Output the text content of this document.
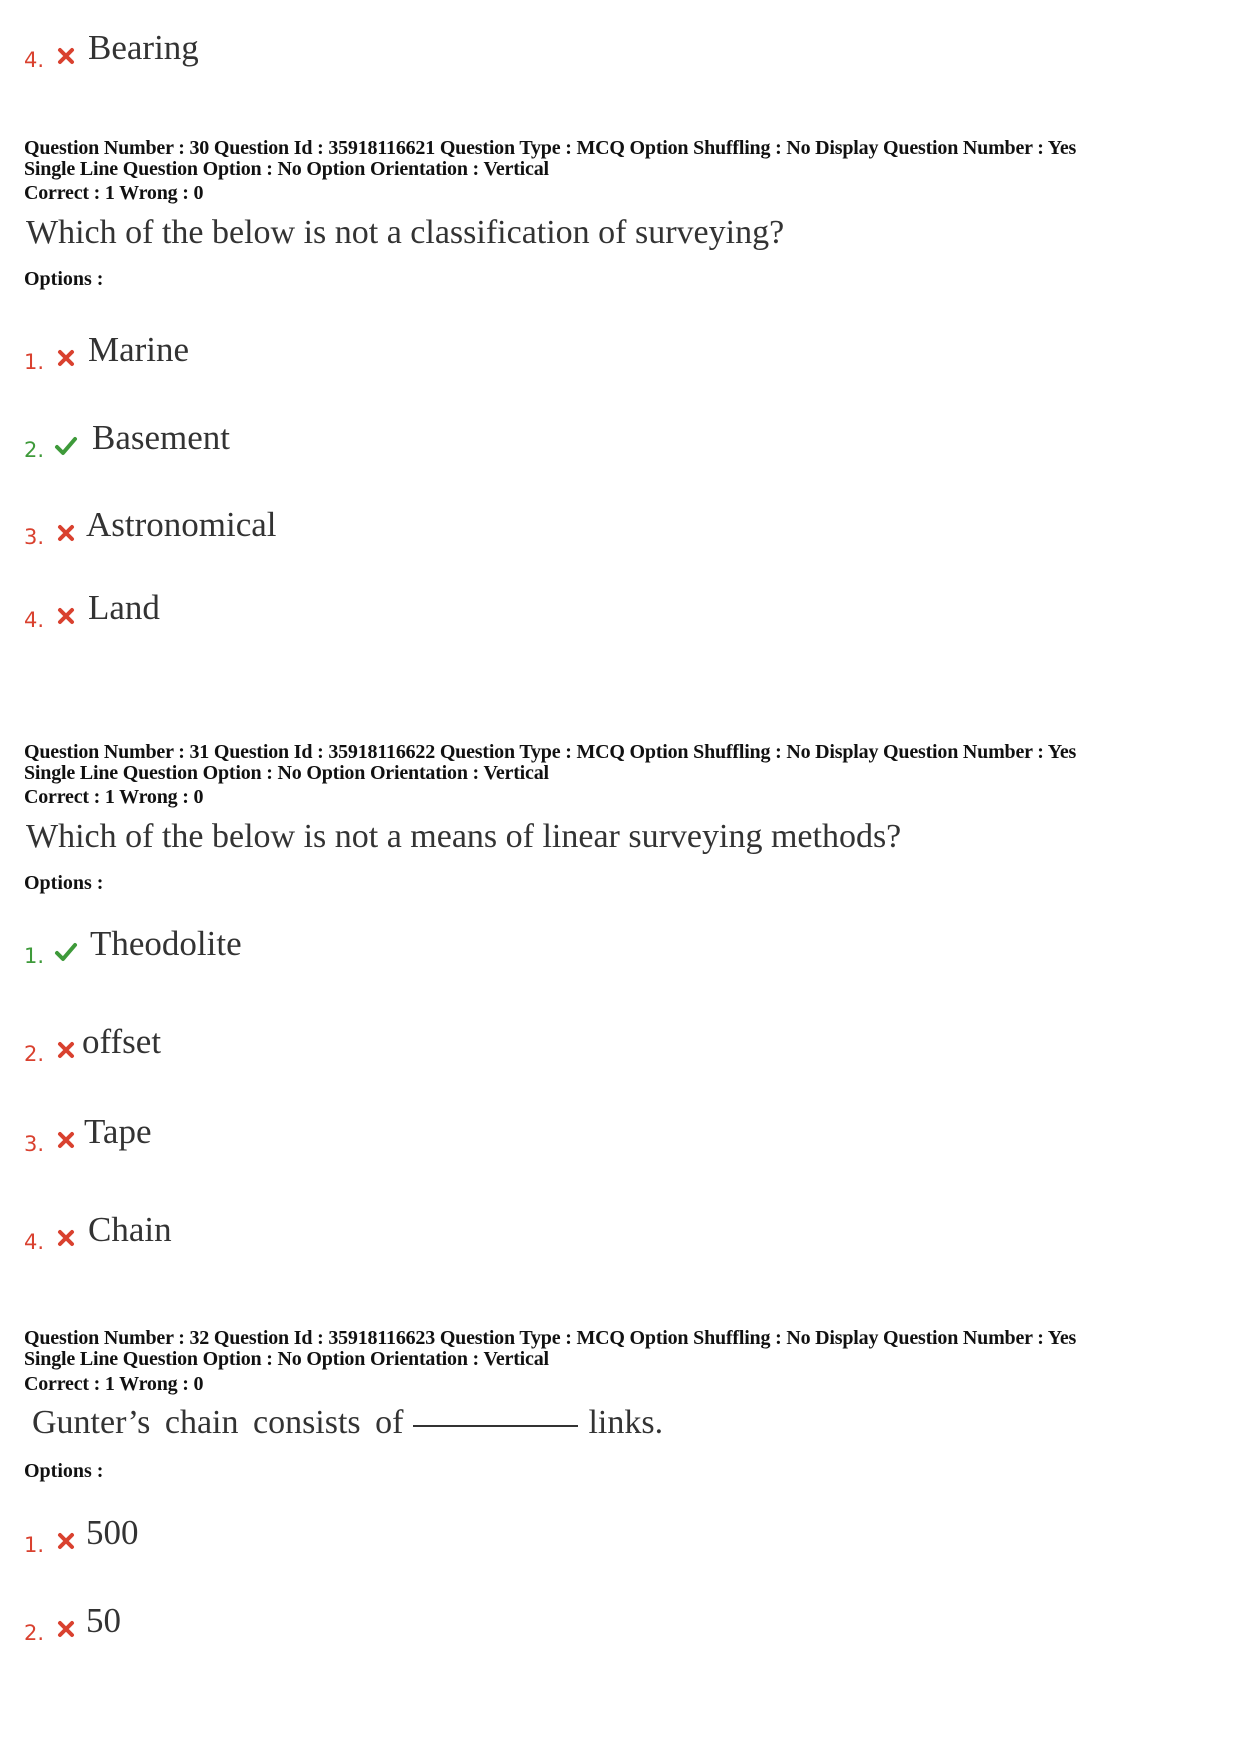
4. Bearing

Question Number : 30 Question Id : 35918116621 Question Type : MCQ Option Shuffling : No Display Question Number : Yes
Single Line Question Option : No Option Orientation : Vertical

Correct : 1 Wrong : 0

Which of the below is not a classification of surveying?

Options :

1. Marine
2. Basement
3. Astronomical
4. Land

Question Number : 31 Question Id : 35918116622 Question Type : MCQ Option Shuffling : No Display Question Number : Yes
Single Line Question Option : No Option Orientation : Vertical

Correct : 1 Wrong : 0

Which of the below is not a means of linear surveying methods?

Options :

1. Theodolite
2. offset
3. Tape
4. Chain

Question Number : 32 Question Id : 35918116623 Question Type : MCQ Option Shuffling : No Display Question Number : Yes
Single Line Question Option : No Option Orientation : Vertical

Correct : 1 Wrong : 0

Gunter’s chain consists of	links.

Options :

1. 500
2. 50
